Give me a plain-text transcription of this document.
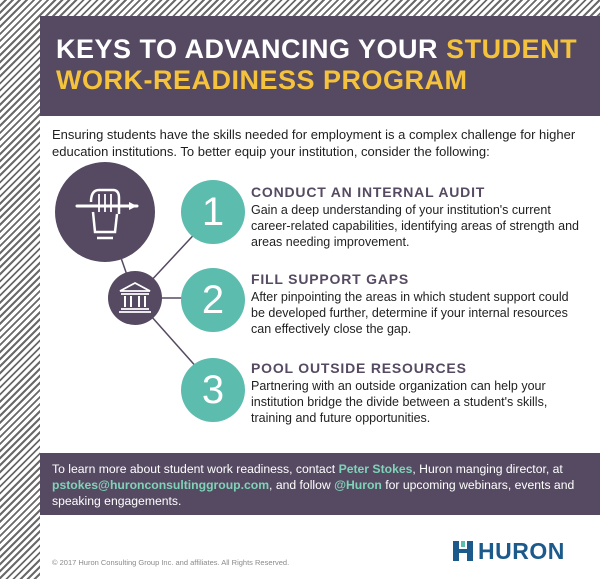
KEYS TO ADVANCING YOUR STUDENT
WORK-READINESS PROGRAM
Ensuring students have the skills needed for employment is a complex challenge for higher education institutions. To better equip your institution, consider the following:
1
2
3
CONDUCT AN INTERNAL AUDIT
Gain a deep understanding of your institution's current career-related capabilities, identifying areas of strength and areas needing improvement.
FILL SUPPORT GAPS
After pinpointing the areas in which student support could be developed further, determine if your internal resources can effectively close the gap.
POOL OUTSIDE RESOURCES
Partnering with an outside organization can help your institution bridge the divide between a student's skills, training and future opportunities.
To learn more about student work readiness, contact Peter Stokes, Huron manging director, at pstokes@huronconsultinggroup.com, and follow @Huron for upcoming webinars, events and speaking engagements.
© 2017 Huron Consulting Group Inc. and affiliates. All Rights Reserved.	HURON
